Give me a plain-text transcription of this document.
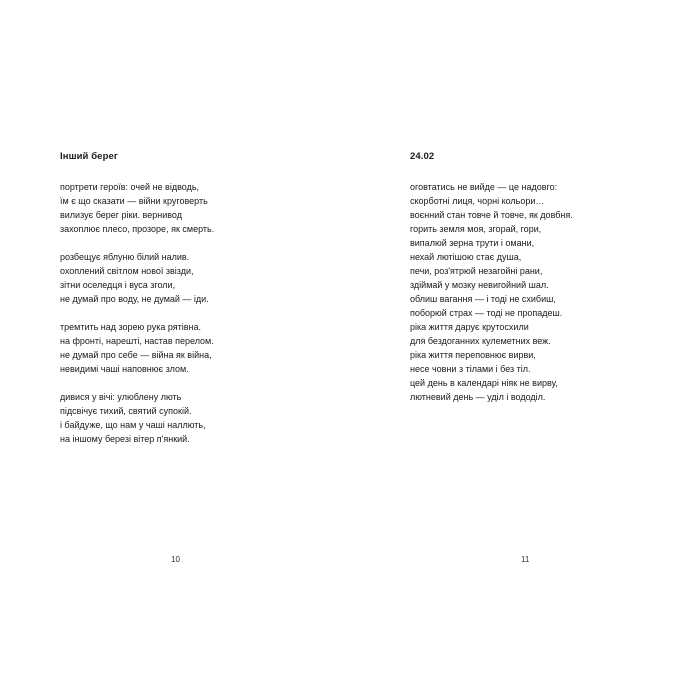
Інший берег
портрети героїв: очей не відводь,
їм є що сказати — війни круговерть
вилизує берег ріки. вернивод
захоплює плесо, прозоре, як смерть.
розбещує яблуню білий налив.
охоплений світлом нової звізди,
зітни оселедця і вуса зголи,
не думай про воду, не думай — іди.
тремтить над зорею рука рятівна.
на фронті, нарешті, настав перелом.
не думай про себе — війна як війна,
невидимі чаші наповнює злом.
дивися у вічі: улюблену лють
підсвічує тихий, святий супокій.
і байдуже, що нам у чаші наллють,
на іншому березі вітер п'янкий.
10
24.02
оговтатись не вийде — це надовго:
скорботні лиця, чорні кольори…
воєнний стан товче й товче, як довбня.
горить земля моя, згорай, гори,
випалюй зерна трути і омани,
нехай лютішою стає душа,
печи, роз'ятрюй незагойні рани,
здіймай у мозку невигойний шал.
облиш вагання — і тоді не схибиш,
поборюй страх — тоді не пропадеш.
ріка життя дарує крутосхили
для бездоганних кулеметних веж.
ріка життя переповнює вирви,
несе човни з тілами і без тіл.
цей день в календарі ніяк не вирву,
лютневий день — уділ і вододіл.
11
